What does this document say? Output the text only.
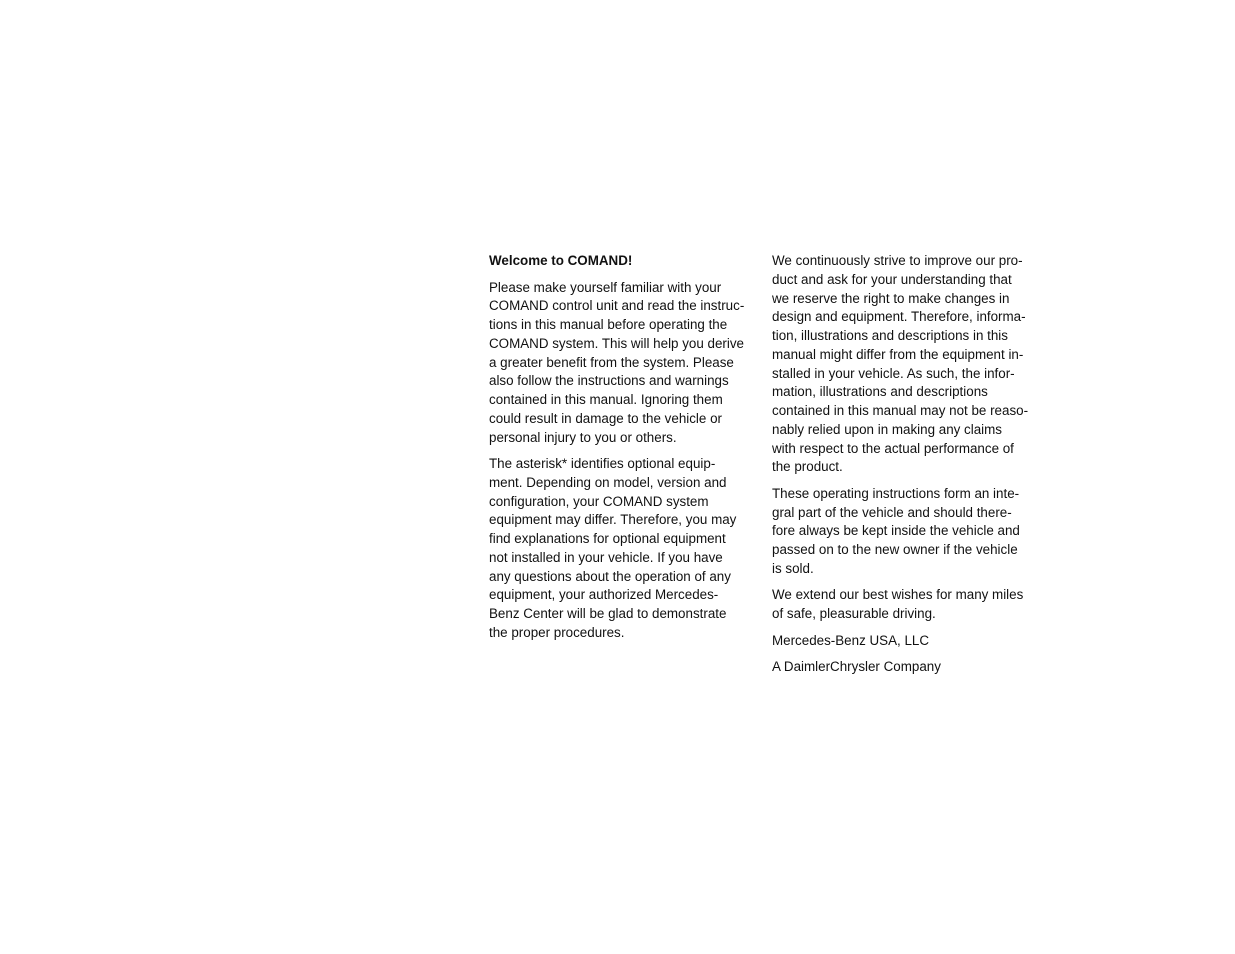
Welcome to COMAND!
Please make yourself familiar with your
COMAND control unit and read the instruc-
tions in this manual before operating the
COMAND system. This will help you derive
a greater benefit from the system. Please
also follow the instructions and warnings
contained in this manual. Ignoring them
could result in damage to the vehicle or
personal injury to you or others.
The asterisk* identifies optional equip-
ment. Depending on model, version and
configuration, your COMAND system
equipment may differ. Therefore, you may
find explanations for optional equipment
not installed in your vehicle. If you have
any questions about the operation of any
equipment, your authorized Mercedes-
Benz Center will be glad to demonstrate
the proper procedures.
We continuously strive to improve our pro-
duct and ask for your understanding that
we reserve the right to make changes in
design and equipment. Therefore, informa-
tion, illustrations and descriptions in this
manual might differ from the equipment in-
stalled in your vehicle. As such, the infor-
mation, illustrations and descriptions
contained in this manual may not be reaso-
nably relied upon in making any claims
with respect to the actual performance of
the product.
These operating instructions form an inte-
gral part of the vehicle and should there-
fore always be kept inside the vehicle and
passed on to the new owner if the vehicle
is sold.
We extend our best wishes for many miles
of safe, pleasurable driving.
Mercedes-Benz USA, LLC
A DaimlerChrysler Company
